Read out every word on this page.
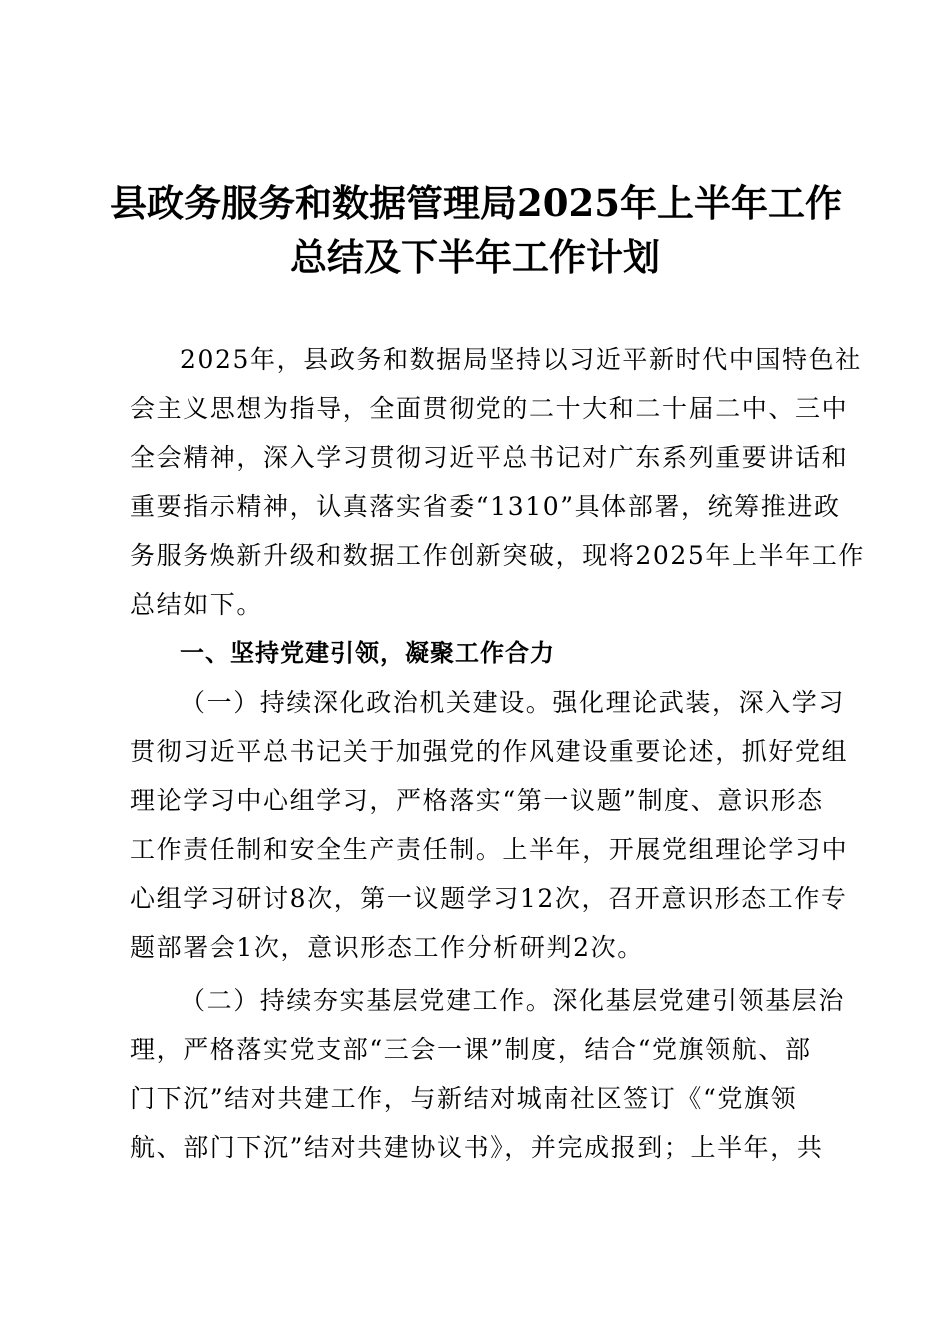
县政务服务和数据管理局2025年上半年工作
总结及下半年工作计划

2025年，县政务和数据局坚持以习近平新时代中国特色社
会主义思想为指导，全面贯彻党的二十大和二十届二中、三中
全会精神，深入学习贯彻习近平总书记对广东系列重要讲话和
重要指示精神，认真落实省委“1310”具体部署，统筹推进政
务服务焕新升级和数据工作创新突破，现将2025年上半年工作
总结如下。

一、坚持党建引领，凝聚工作合力

（一）持续深化政治机关建设。强化理论武装，深入学习
贯彻习近平总书记关于加强党的作风建设重要论述，抓好党组
理论学习中心组学习，严格落实“第一议题”制度、意识形态
工作责任制和安全生产责任制。上半年，开展党组理论学习中
心组学习研讨8次，第一议题学习12次，召开意识形态工作专
题部署会1次，意识形态工作分析研判2次。

（二）持续夯实基层党建工作。深化基层党建引领基层治
理，严格落实党支部“三会一课”制度，结合“党旗领航、部
门下沉”结对共建工作，与新结对城南社区签订《“党旗领
航、部门下沉”结对共建协议书》，并完成报到；上半年，共
